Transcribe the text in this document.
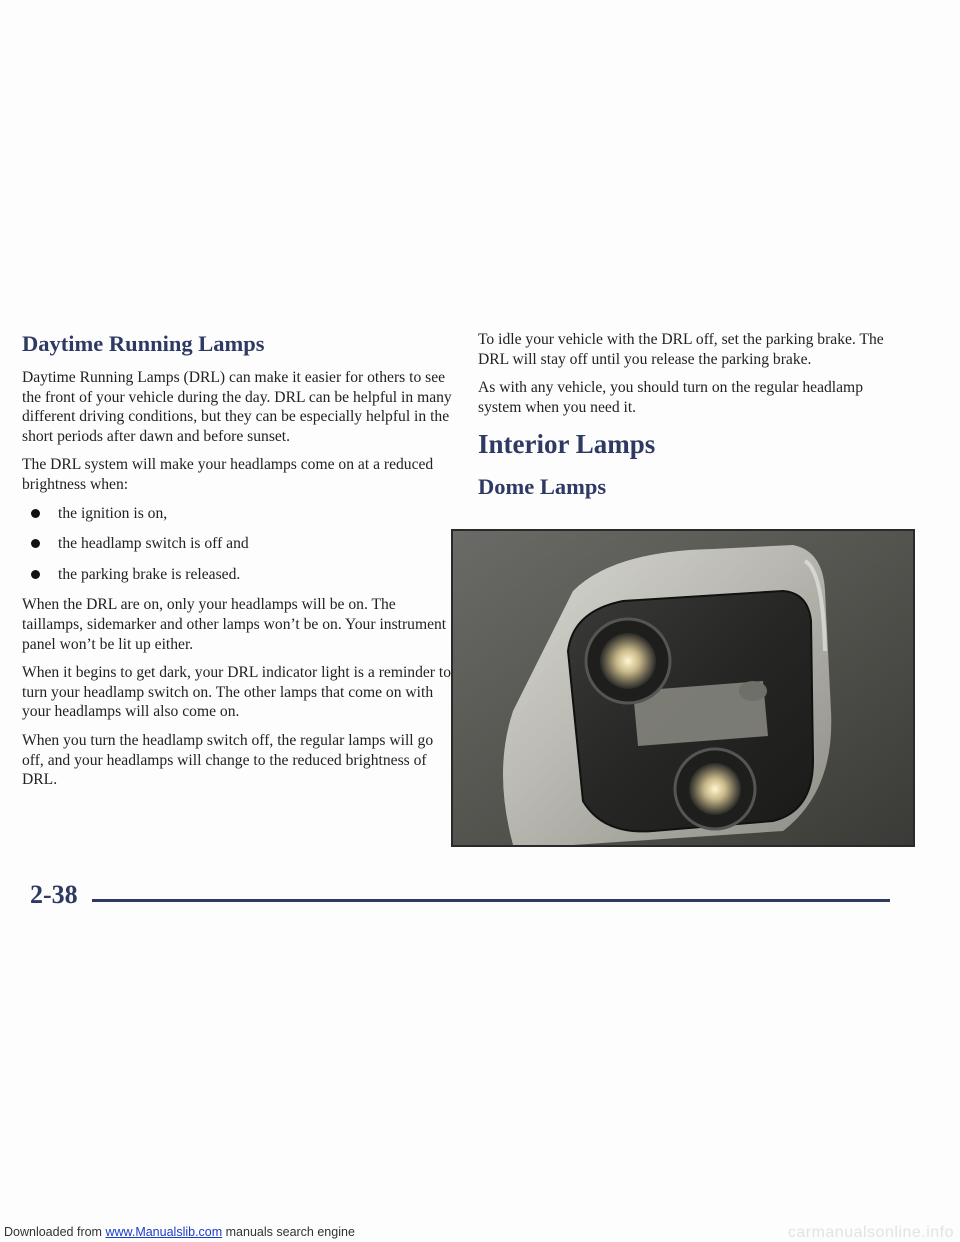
Daytime Running Lamps

Daytime Running Lamps (DRL) can make it easier for others to see the front of your vehicle during the day. DRL can be helpful in many different driving conditions, but they can be especially helpful in the short periods after dawn and before sunset.

The DRL system will make your headlamps come on at a reduced brightness when:

the ignition is on,
the headlamp switch is off and
the parking brake is released.

When the DRL are on, only your headlamps will be on. The taillamps, sidemarker and other lamps won’t be on. Your instrument panel won’t be lit up either.

When it begins to get dark, your DRL indicator light is a reminder to turn your headlamp switch on. The other lamps that come on with your headlamps will also come on.

When you turn the headlamp switch off, the regular lamps will go off, and your headlamps will change to the reduced brightness of DRL.

To idle your vehicle with the DRL off, set the parking brake. The DRL will stay off until you release the parking brake.

As with any vehicle, you should turn on the regular headlamp system when you need it.

Interior Lamps
Dome Lamps
2-38
Downloaded from www.Manualslib.com manuals search engine	carmanualsonline.info
